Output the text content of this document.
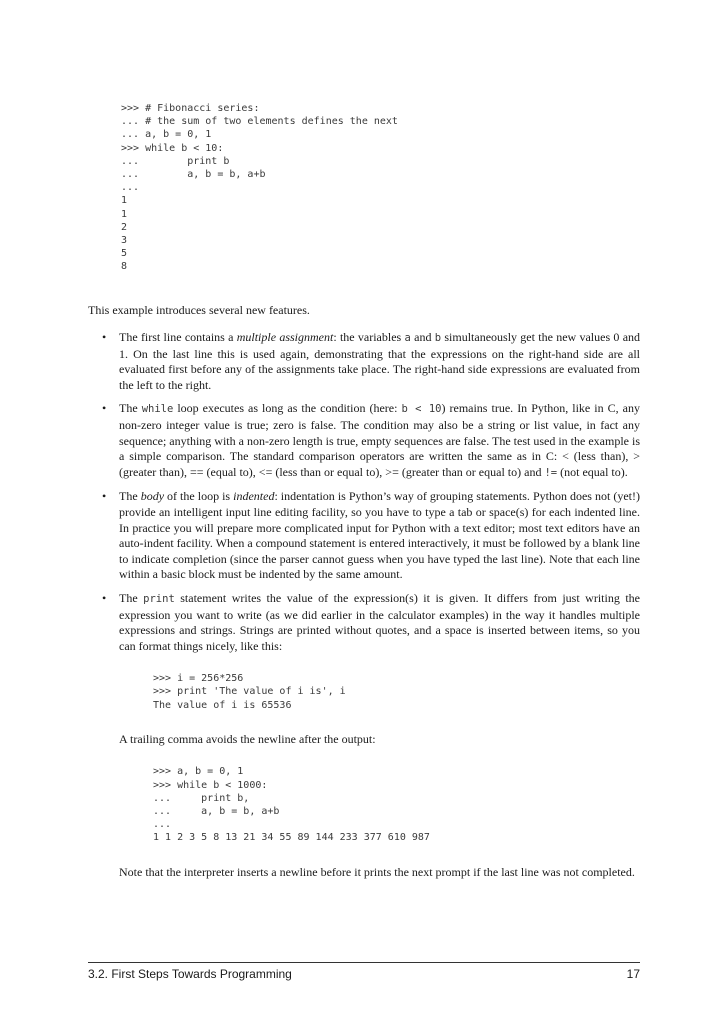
>>> # Fibonacci series:
... # the sum of two elements defines the next
... a, b = 0, 1
>>> while b < 10:
...        print b
...        a, b = b, a+b
...
1
1
2
3
5
8
This example introduces several new features.
• The first line contains a multiple assignment: the variables a and b simultaneously get the new values 0 and 1. On the last line this is used again, demonstrating that the expressions on the right-hand side are all evaluated first before any of the assignments take place. The right-hand side expressions are evaluated from the left to the right.
• The while loop executes as long as the condition (here: b < 10) remains true. In Python, like in C, any non-zero integer value is true; zero is false. The condition may also be a string or list value, in fact any sequence; anything with a non-zero length is true, empty sequences are false. The test used in the example is a simple comparison. The standard comparison operators are written the same as in C: < (less than), > (greater than), == (equal to), <= (less than or equal to), >= (greater than or equal to) and != (not equal to).
• The body of the loop is indented: indentation is Python’s way of grouping statements. Python does not (yet!) provide an intelligent input line editing facility, so you have to type a tab or space(s) for each indented line. In practice you will prepare more complicated input for Python with a text editor; most text editors have an auto-indent facility. When a compound statement is entered interactively, it must be followed by a blank line to indicate completion (since the parser cannot guess when you have typed the last line). Note that each line within a basic block must be indented by the same amount.
• The print statement writes the value of the expression(s) it is given. It differs from just writing the expression you want to write (as we did earlier in the calculator examples) in the way it handles multiple expressions and strings. Strings are printed without quotes, and a space is inserted between items, so you can format things nicely, like this:
>>> i = 256*256
>>> print 'The value of i is', i
The value of i is 65536
A trailing comma avoids the newline after the output:
>>> a, b = 0, 1
>>> while b < 1000:
...     print b,
...     a, b = b, a+b
...
1 1 2 3 5 8 13 21 34 55 89 144 233 377 610 987
Note that the interpreter inserts a newline before it prints the next prompt if the last line was not completed.
3.2. First Steps Towards Programming	17
